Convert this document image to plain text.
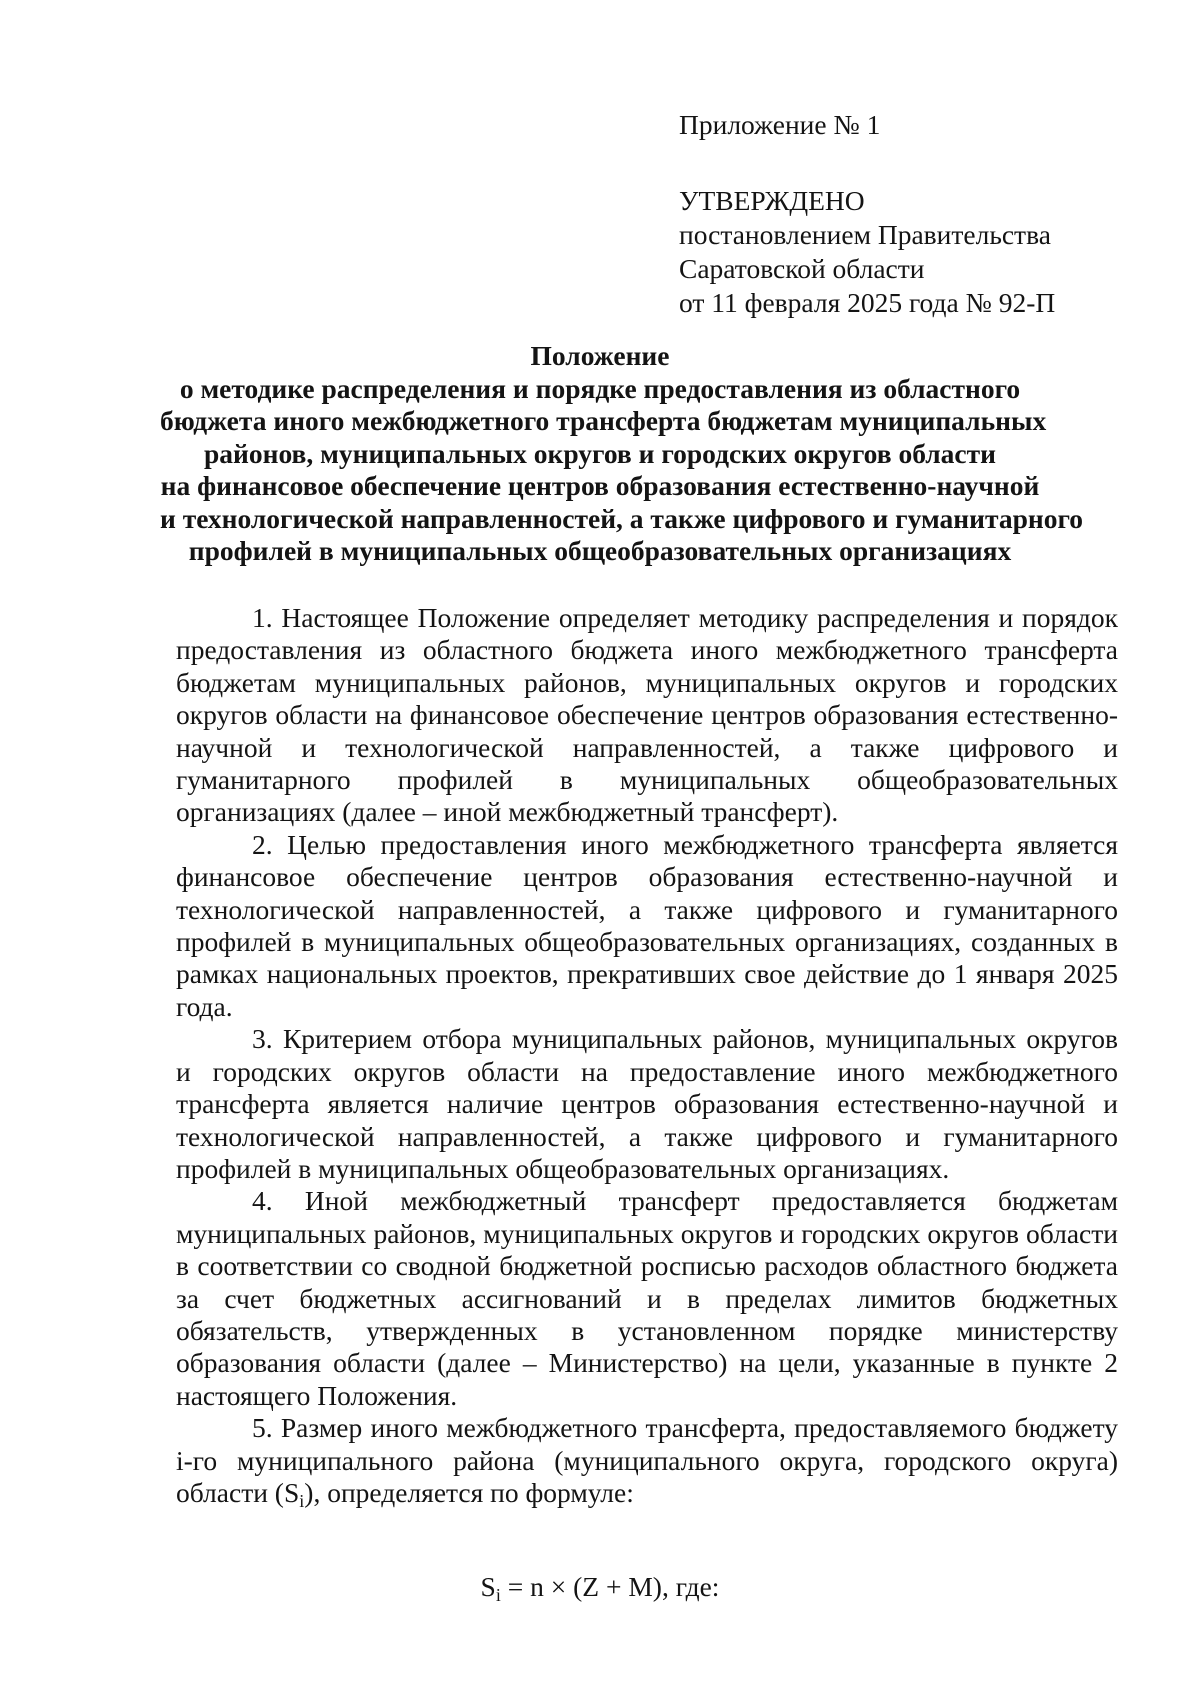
Приложение № 1
УТВЕРЖДЕНО
постановлением Правительства
Саратовской области
от 11 февраля 2025 года № 92-П
Положение
о методике распределения и порядке предоставления из областного
бюджета иного межбюджетного трансферта бюджетам муниципальных
районов, муниципальных округов и городских округов области
на финансовое обеспечение центров образования естественно-научной
и технологической направленностей, а также цифрового и гуманитарного
профилей в муниципальных общеобразовательных организациях

1. Настоящее Положение определяет методику распределения и порядок предоставления из областного бюджета иного межбюджетного трансферта бюджетам муниципальных районов, муниципальных округов и городских округов области на финансовое обеспечение центров образования естественно-научной и технологической направленностей, а также цифрового и гуманитарного профилей в муниципальных общеобразовательных организациях (далее – иной межбюджетный трансферт).

2. Целью предоставления иного межбюджетного трансферта является финансовое обеспечение центров образования естественно-научной и технологической направленностей, а также цифрового и гуманитарного профилей в муниципальных общеобразовательных организациях, созданных в рамках национальных проектов, прекративших свое действие до 1 января 2025 года.

3. Критерием отбора муниципальных районов, муниципальных округов и городских округов области на предоставление иного межбюджетного трансферта является наличие центров образования естественно-научной и технологической направленностей, а также цифрового и гуманитарного профилей в муниципальных общеобразовательных организациях.

4. Иной межбюджетный трансферт предоставляется бюджетам муниципальных районов, муниципальных округов и городских округов области в соответствии со сводной бюджетной росписью расходов областного бюджета за счет бюджетных ассигнований и в пределах лимитов бюджетных обязательств, утвержденных в установленном порядке министерству образования области (далее – Министерство) на цели, указанные в пункте 2 настоящего Положения.

5. Размер иного межбюджетного трансферта, предоставляемого бюджету i-го муниципального района (муниципального округа, городского округа) области $(S_i)$, определяется по формуле:

$S_i = n \times (Z + M)$, где:
